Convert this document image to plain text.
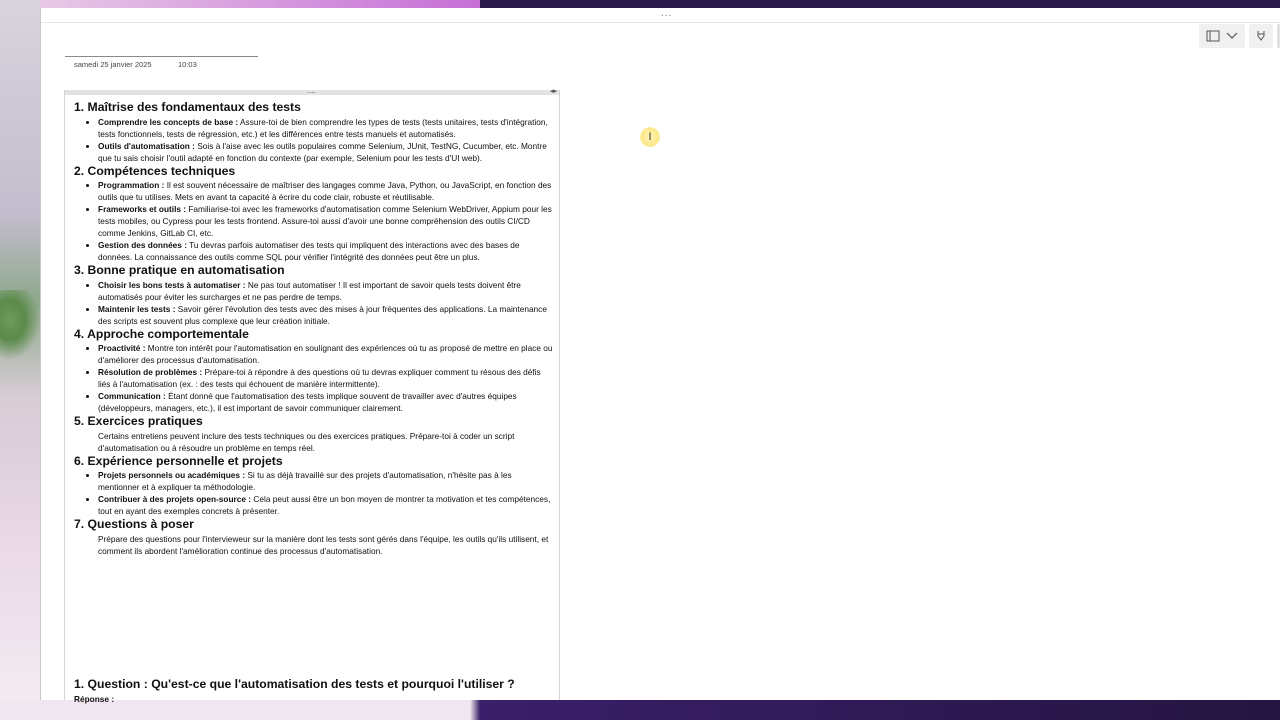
...
samedi 25 janvier 2025	10:03
....	◂▸
1. Maîtrise des fondamentaux des tests
• Comprendre les concepts de base : Assure-toi de bien comprendre les types de tests (tests unitaires, tests d'intégration, tests fonctionnels, tests de régression, etc.) et les différences entre tests manuels et automatisés.
• Outils d'automatisation : Sois à l'aise avec les outils populaires comme Selenium, JUnit, TestNG, Cucumber, etc. Montre que tu sais choisir l'outil adapté en fonction du contexte (par exemple, Selenium pour les tests d'UI web).
2. Compétences techniques
• Programmation : Il est souvent nécessaire de maîtriser des langages comme Java, Python, ou JavaScript, en fonction des outils que tu utilises. Mets en avant ta capacité à écrire du code clair, robuste et réutilisable.
• Frameworks et outils : Familiarise-toi avec les frameworks d'automatisation comme Selenium WebDriver, Appium pour les tests mobiles, ou Cypress pour les tests frontend. Assure-toi aussi d'avoir une bonne compréhension des outils CI/CD comme Jenkins, GitLab CI, etc.
• Gestion des données : Tu devras parfois automatiser des tests qui impliquent des interactions avec des bases de données. La connaissance des outils comme SQL pour vérifier l'intégrité des données peut être un plus.
3. Bonne pratique en automatisation
• Choisir les bons tests à automatiser : Ne pas tout automatiser ! Il est important de savoir quels tests doivent être automatisés pour éviter les surcharges et ne pas perdre de temps.
• Maintenir les tests : Savoir gérer l'évolution des tests avec des mises à jour fréquentes des applications. La maintenance des scripts est souvent plus complexe que leur création initiale.
4. Approche comportementale
• Proactivité : Montre ton intérêt pour l'automatisation en soulignant des expériences où tu as proposé de mettre en place ou d'améliorer des processus d'automatisation.
• Résolution de problèmes : Prépare-toi à répondre à des questions où tu devras expliquer comment tu résous des défis liés à l'automatisation (ex. : des tests qui échouent de manière intermittente).
• Communication : Étant donné que l'automatisation des tests implique souvent de travailler avec d'autres équipes (développeurs, managers, etc.), il est important de savoir communiquer clairement.
5. Exercices pratiques

Certains entretiens peuvent inclure des tests techniques ou des exercices pratiques. Prépare-toi à coder un script d'automatisation ou à résoudre un problème en temps réel.

6. Expérience personnelle et projets
• Projets personnels ou académiques : Si tu as déjà travaillé sur des projets d'automatisation, n'hésite pas à les mentionner et à expliquer ta méthodologie.
• Contribuer à des projets open-source : Cela peut aussi être un bon moyen de montrer ta motivation et tes compétences, tout en ayant des exemples concrets à présenter.
7. Questions à poser

Prépare des questions pour l'intervieweur sur la manière dont les tests sont gérés dans l'équipe, les outils qu'ils utilisent, et comment ils abordent l'amélioration continue des processus d'automatisation.

1. Question : Qu'est-ce que l'automatisation des tests et pourquoi l'utiliser ?
Réponse :
I
